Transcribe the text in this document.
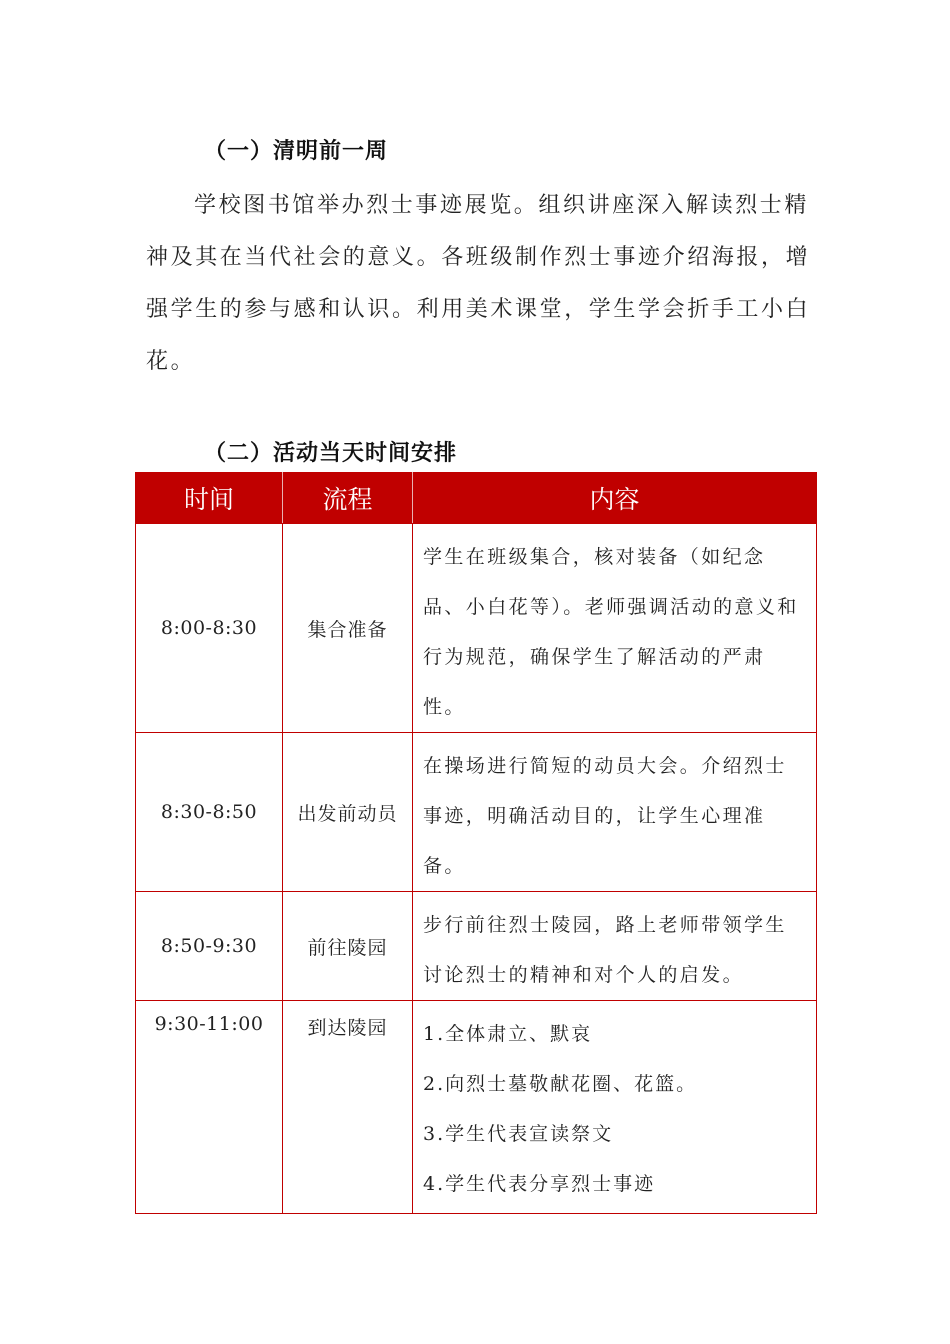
（一）清明前一周

学校图书馆举办烈士事迹展览。组织讲座深入解读烈士精神及其在当代社会的意义。各班级制作烈士事迹介绍海报，增强学生的参与感和认识。利用美术课堂，学生学会折手工小白花。

（二）活动当天时间安排
时间	流程	内容
8:00-8:30	集合准备	学生在班级集合，核对装备（如纪念品、小白花等）。老师强调活动的意义和行为规范，确保学生了解活动的严肃性。
8:30-8:50	出发前动员	在操场进行简短的动员大会。介绍烈士事迹，明确活动目的，让学生心理准备。
8:50-9:30	前往陵园	步行前往烈士陵园，路上老师带领学生讨论烈士的精神和对个人的启发。
9:30-11:00	到达陵园	1.全体肃立、默哀
2.向烈士墓敬献花圈、花篮。
3.学生代表宣读祭文
4.学生代表分享烈士事迹
